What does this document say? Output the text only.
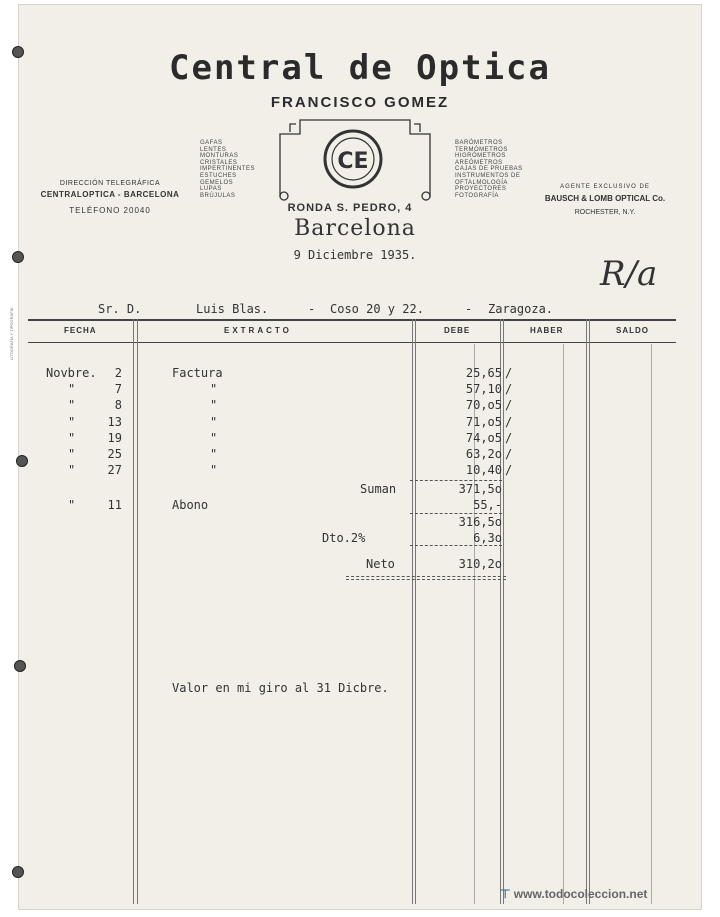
LITOGRAFÍA Y TIPOGRAFÍA
Central de Optica
FRANCISCO GOMEZ
CE
GAFAS
LENTES
MONTURAS
CRISTALES
IMPERTINENTES
ESTUCHES
GEMELOS
LUPAS
BRÚJULAS
BARÓMETROS
TERMÓMETROS
HIGRÓMETROS
AREÓMETROS
CAJAS DE PRUEBAS
INSTRUMENTOS DE
OFTALMOLOGÍA
PROYECTORES
FOTOGRAFÍA
DIRECCIÓN TELEGRÁFICA
CENTRALOPTICA - BARCELONA
TELÉFONO 20040
AGENTE EXCLUSIVO DE
BAUSCH & LOMB OPTICAL Co.
ROCHESTER, N.Y.
RONDA S. PEDRO, 4
Barcelona
9 Diciembre 1935.	R/a
Sr. D.	Luis Blas.	- Coso 20 y 22.	- Zaragoza.
FECHA	EXTRACTO	DEBE	HABER	SALDO
Novbre.	2	Factura	25,65 /
"	7	"	57,10 /
"	8	"	70,o5 /
"	13	"	71,o5 /
"	19	"	74,o5 /
"	25	"	63,2o /
"	27	"	10,40 /
Suman	371,5o
"	11	Abono	55,-
316,5o
Dto.2%	6,3o
Neto	310,2o
Valor en mi giro al 31 Dicbre.
⊤ www.todocoleccion.net
